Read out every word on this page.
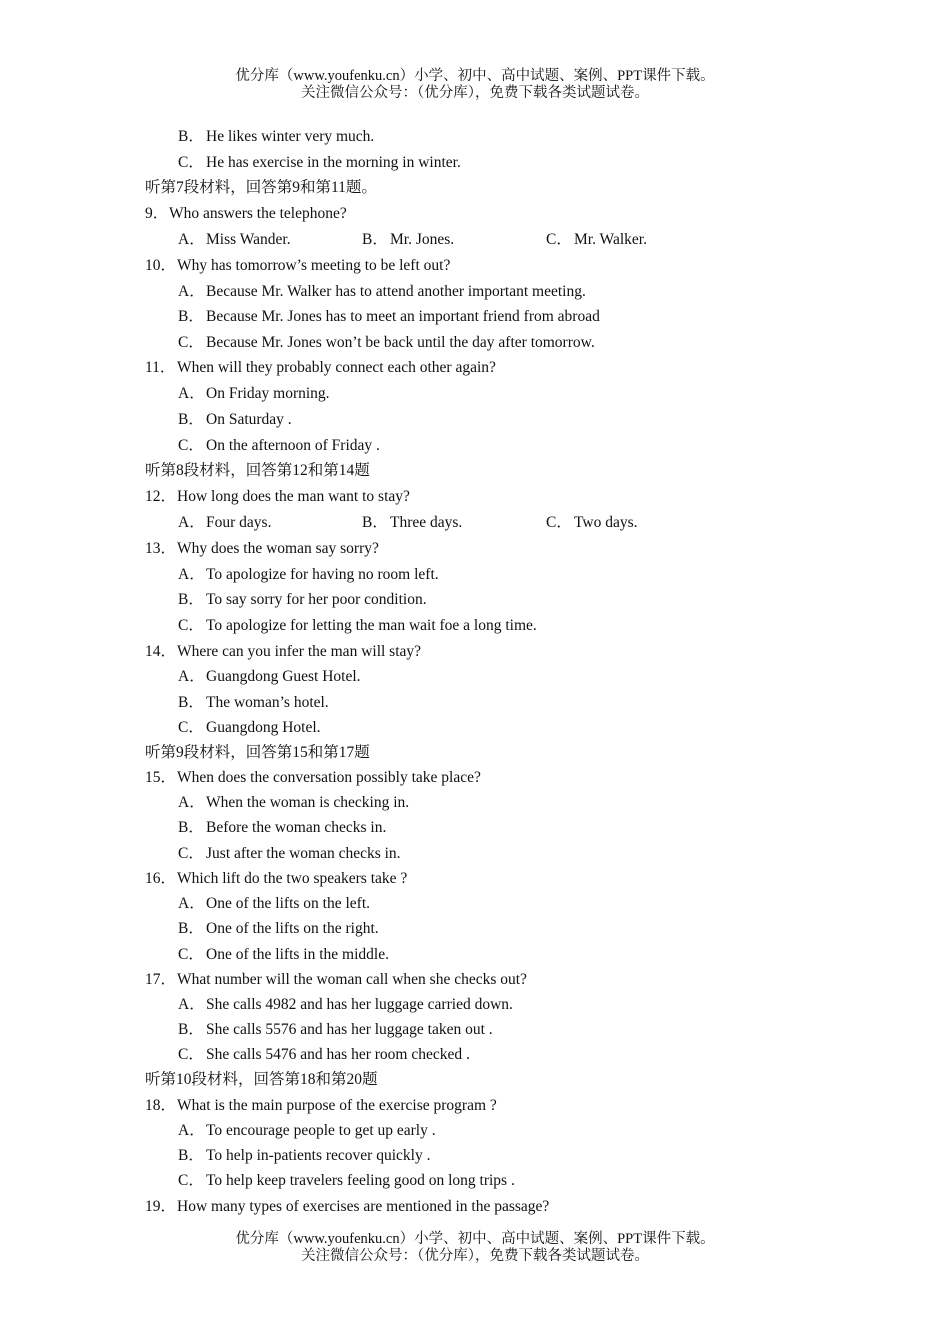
优分库（www.youfenku.cn）小学、初中、高中试题、案例、PPT课件下载。
关注微信公众号：（优分库），免费下载各类试题试卷。
B． He likes winter very much.
C． He has exercise in the morning in winter.
听第7段材料，回答第9和第11题。
9．Who answers the telephone?
A．Miss Wander.	B． Mr. Jones.	C． Mr. Walker.
10．Why has tomorrow’s meeting to be left out?
A．Because Mr. Walker has to attend another important meeting.
B． Because Mr. Jones has to meet an important friend from abroad
C． Because Mr. Jones won’t be back until the day after tomorrow.
11． When will they probably connect each other again?
A．On Friday morning.
B． On Saturday .
C． On the afternoon of Friday .
听第8段材料，回答第12和第14题
12．How long does the man want to stay?
A．Four days.	B． Three days.	C． Two days.
13．Why does the woman say sorry?
A．To apologize for having no room left.
B． To say sorry for her poor condition.
C． To apologize for letting the man wait foe a long time.
14．Where can you infer the man will stay?
A．Guangdong Guest Hotel.
B． The woman’s hotel.
C． Guangdong Hotel.
听第9段材料，回答第15和第17题
15．When does the conversation possibly take place?
A．When the woman is checking in.
B． Before the woman checks in.
C． Just after the woman checks in.
16．Which lift do the two speakers take ?
A．One of the lifts on the left.
B． One of the lifts on the right.
C． One of the lifts in the middle.
17．What number will the woman call when she checks out?
A．She calls 4982 and has her luggage carried down.
B． She calls 5576 and has her luggage taken out .
C． She calls 5476 and has her room checked .
听第10段材料，回答第18和第20题
18．What is the main purpose of the exercise program ?
A．To encourage people to get up early .
B． To help in-patients recover quickly .
C． To help keep travelers feeling good on long trips .
19．How many types of exercises are mentioned in the passage?
优分库（www.youfenku.cn）小学、初中、高中试题、案例、PPT课件下载。
关注微信公众号：（优分库），免费下载各类试题试卷。
